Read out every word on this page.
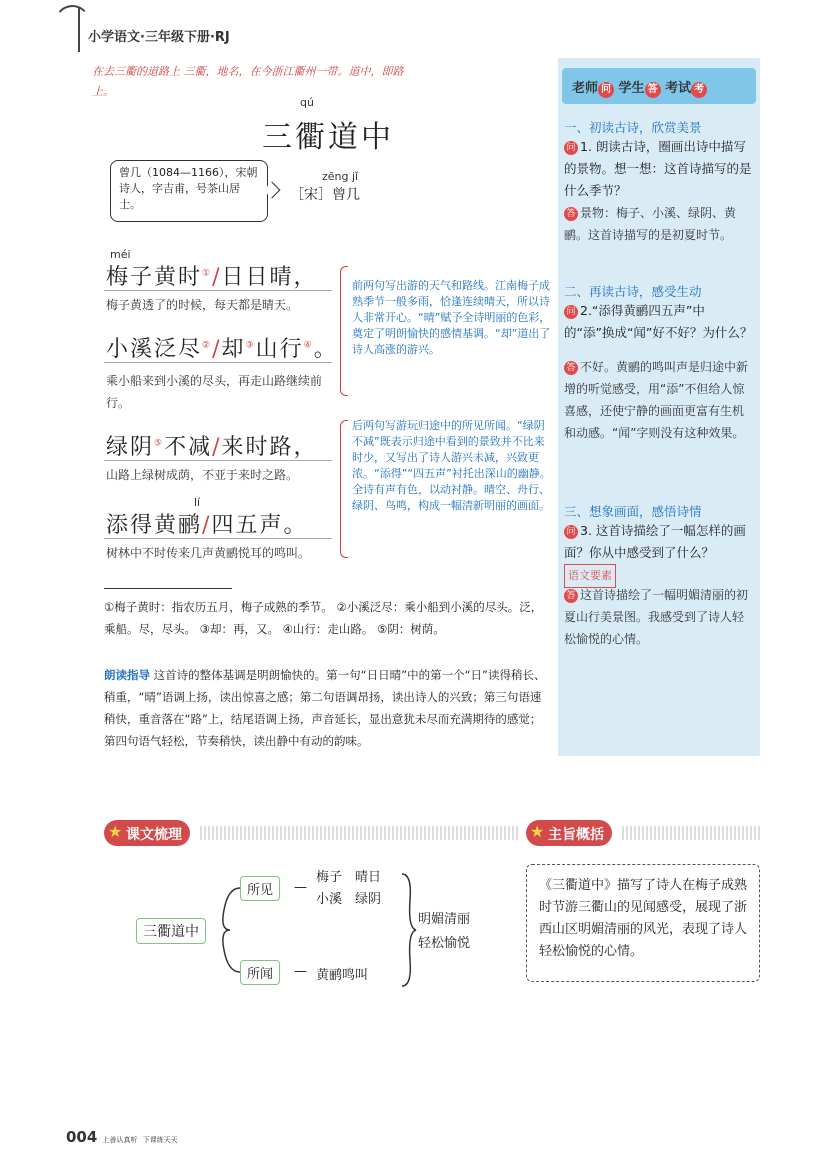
小学语文·三年级下册·RJ
在去三衢的道路上 三衢，地名，在今浙江衢州一带。道中，即路上。
qú
三衢道中
曾几（1084—1166），宋朝诗人，字吉甫，号茶山居士。
zēng jǐ
［宋］曾几
méi
梅子黄时①/日日晴，
梅子黄透了的时候，每天都是晴天。
小溪泛尽②/却③山行④。
乘小船来到小溪的尽头，再走山路继续前行。
绿阴⑤不减/来时路，
山路上绿树成荫，不亚于来时之路。
lí
添得黄鹂/四五声。
树林中不时传来几声黄鹂悦耳的鸣叫。
前两句写出游的天气和路线。江南梅子成熟季节一般多雨，恰逢连续晴天，所以诗人非常开心。“晴”赋予全诗明丽的色彩，奠定了明朗愉快的感情基调。“却”道出了诗人高涨的游兴。
后两句写游玩归途中的所见所闻。“绿阴不减”既表示归途中看到的景致并不比来时少，又写出了诗人游兴未减，兴致更浓。“添得”“四五声”衬托出深山的幽静。全诗有声有色，以动衬静。晴空、舟行、绿阴、鸟鸣，构成一幅清新明丽的画面。
①梅子黄时：指农历五月，梅子成熟的季节。 ②小溪泛尽：乘小船到小溪的尽头。泛，乘船。尽，尽头。 ③却：再，又。 ④山行：走山路。 ⑤阴：树荫。
朗读指导 这首诗的整体基调是明朗愉快的。第一句“日日晴”中的第一个“日”读得稍长、稍重，“晴”语调上扬，读出惊喜之感；第二句语调昂扬，读出诗人的兴致；第三句语速稍快，重音落在“路”上，结尾语调上扬，声音延长，显出意犹未尽而充满期待的感觉；第四句语气轻松，节奏稍快，读出静中有动的韵味。
老师 问 学生 答 考试 考
一、初读古诗，欣赏美景
问 1. 朗读古诗，圈画出诗中描写的景物。想一想：这首诗描写的是什么季节？
答 景物：梅子、小溪、绿阴、黄鹂。这首诗描写的是初夏时节。
二、再读古诗，感受生动
问 2.“添得黄鹂四五声”中的“添”换成“闻”好不好？为什么？
答 不好。黄鹂的鸣叫声是归途中新增的听觉感受，用“添”不但给人惊喜感，还使宁静的画面更富有生机和动感。“闻”字则没有这种效果。
三、想象画面，感悟诗情
问 3. 这首诗描绘了一幅怎样的画面？你从中感受到了什么？
语文要素
答 这首诗描绘了一幅明媚清丽的初夏山行美景图。我感受到了诗人轻松愉悦的心情。
★ 课文梳理	★ 主旨概括
三衢道中
所见	—
梅子　晴日
小溪　绿阴
所闻	— 黄鹂鸣叫
明媚清丽
轻松愉悦
《三衢道中》描写了诗人在梅子成熟时节游三衢山的见闻感受，展现了浙西山区明媚清丽的风光，表现了诗人轻松愉悦的心情。
004 上善认真听 下课练天天
